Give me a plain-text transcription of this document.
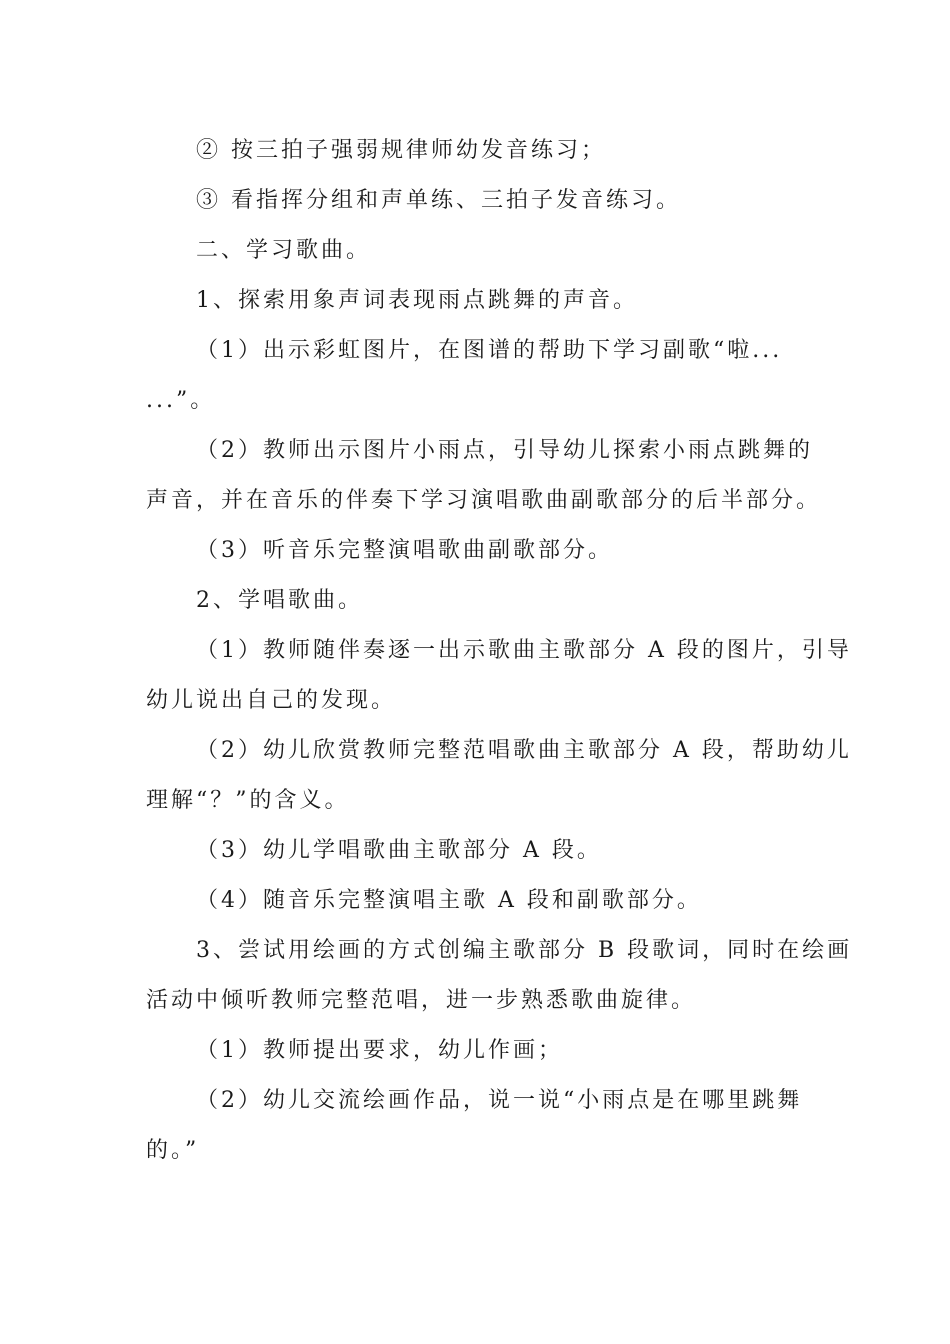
② 按三拍子强弱规律师幼发音练习；
③ 看指挥分组和声单练、三拍子发音练习。
二、学习歌曲。
1、探索用象声词表现雨点跳舞的声音。
（1）出示彩虹图片，在图谱的帮助下学习副歌“啦...
...”。
（2）教师出示图片小雨点，引导幼儿探索小雨点跳舞的
声音，并在音乐的伴奏下学习演唱歌曲副歌部分的后半部分。
（3）听音乐完整演唱歌曲副歌部分。
2、学唱歌曲。
（1）教师随伴奏逐一出示歌曲主歌部分 A 段的图片，引导
幼儿说出自己的发现。
（2）幼儿欣赏教师完整范唱歌曲主歌部分 A 段，帮助幼儿
理解“？”的含义。
（3）幼儿学唱歌曲主歌部分 A 段。
（4）随音乐完整演唱主歌 A 段和副歌部分。
3、尝试用绘画的方式创编主歌部分 B 段歌词，同时在绘画
活动中倾听教师完整范唱，进一步熟悉歌曲旋律。
（1）教师提出要求，幼儿作画；
（2）幼儿交流绘画作品，说一说“小雨点是在哪里跳舞
的。”
